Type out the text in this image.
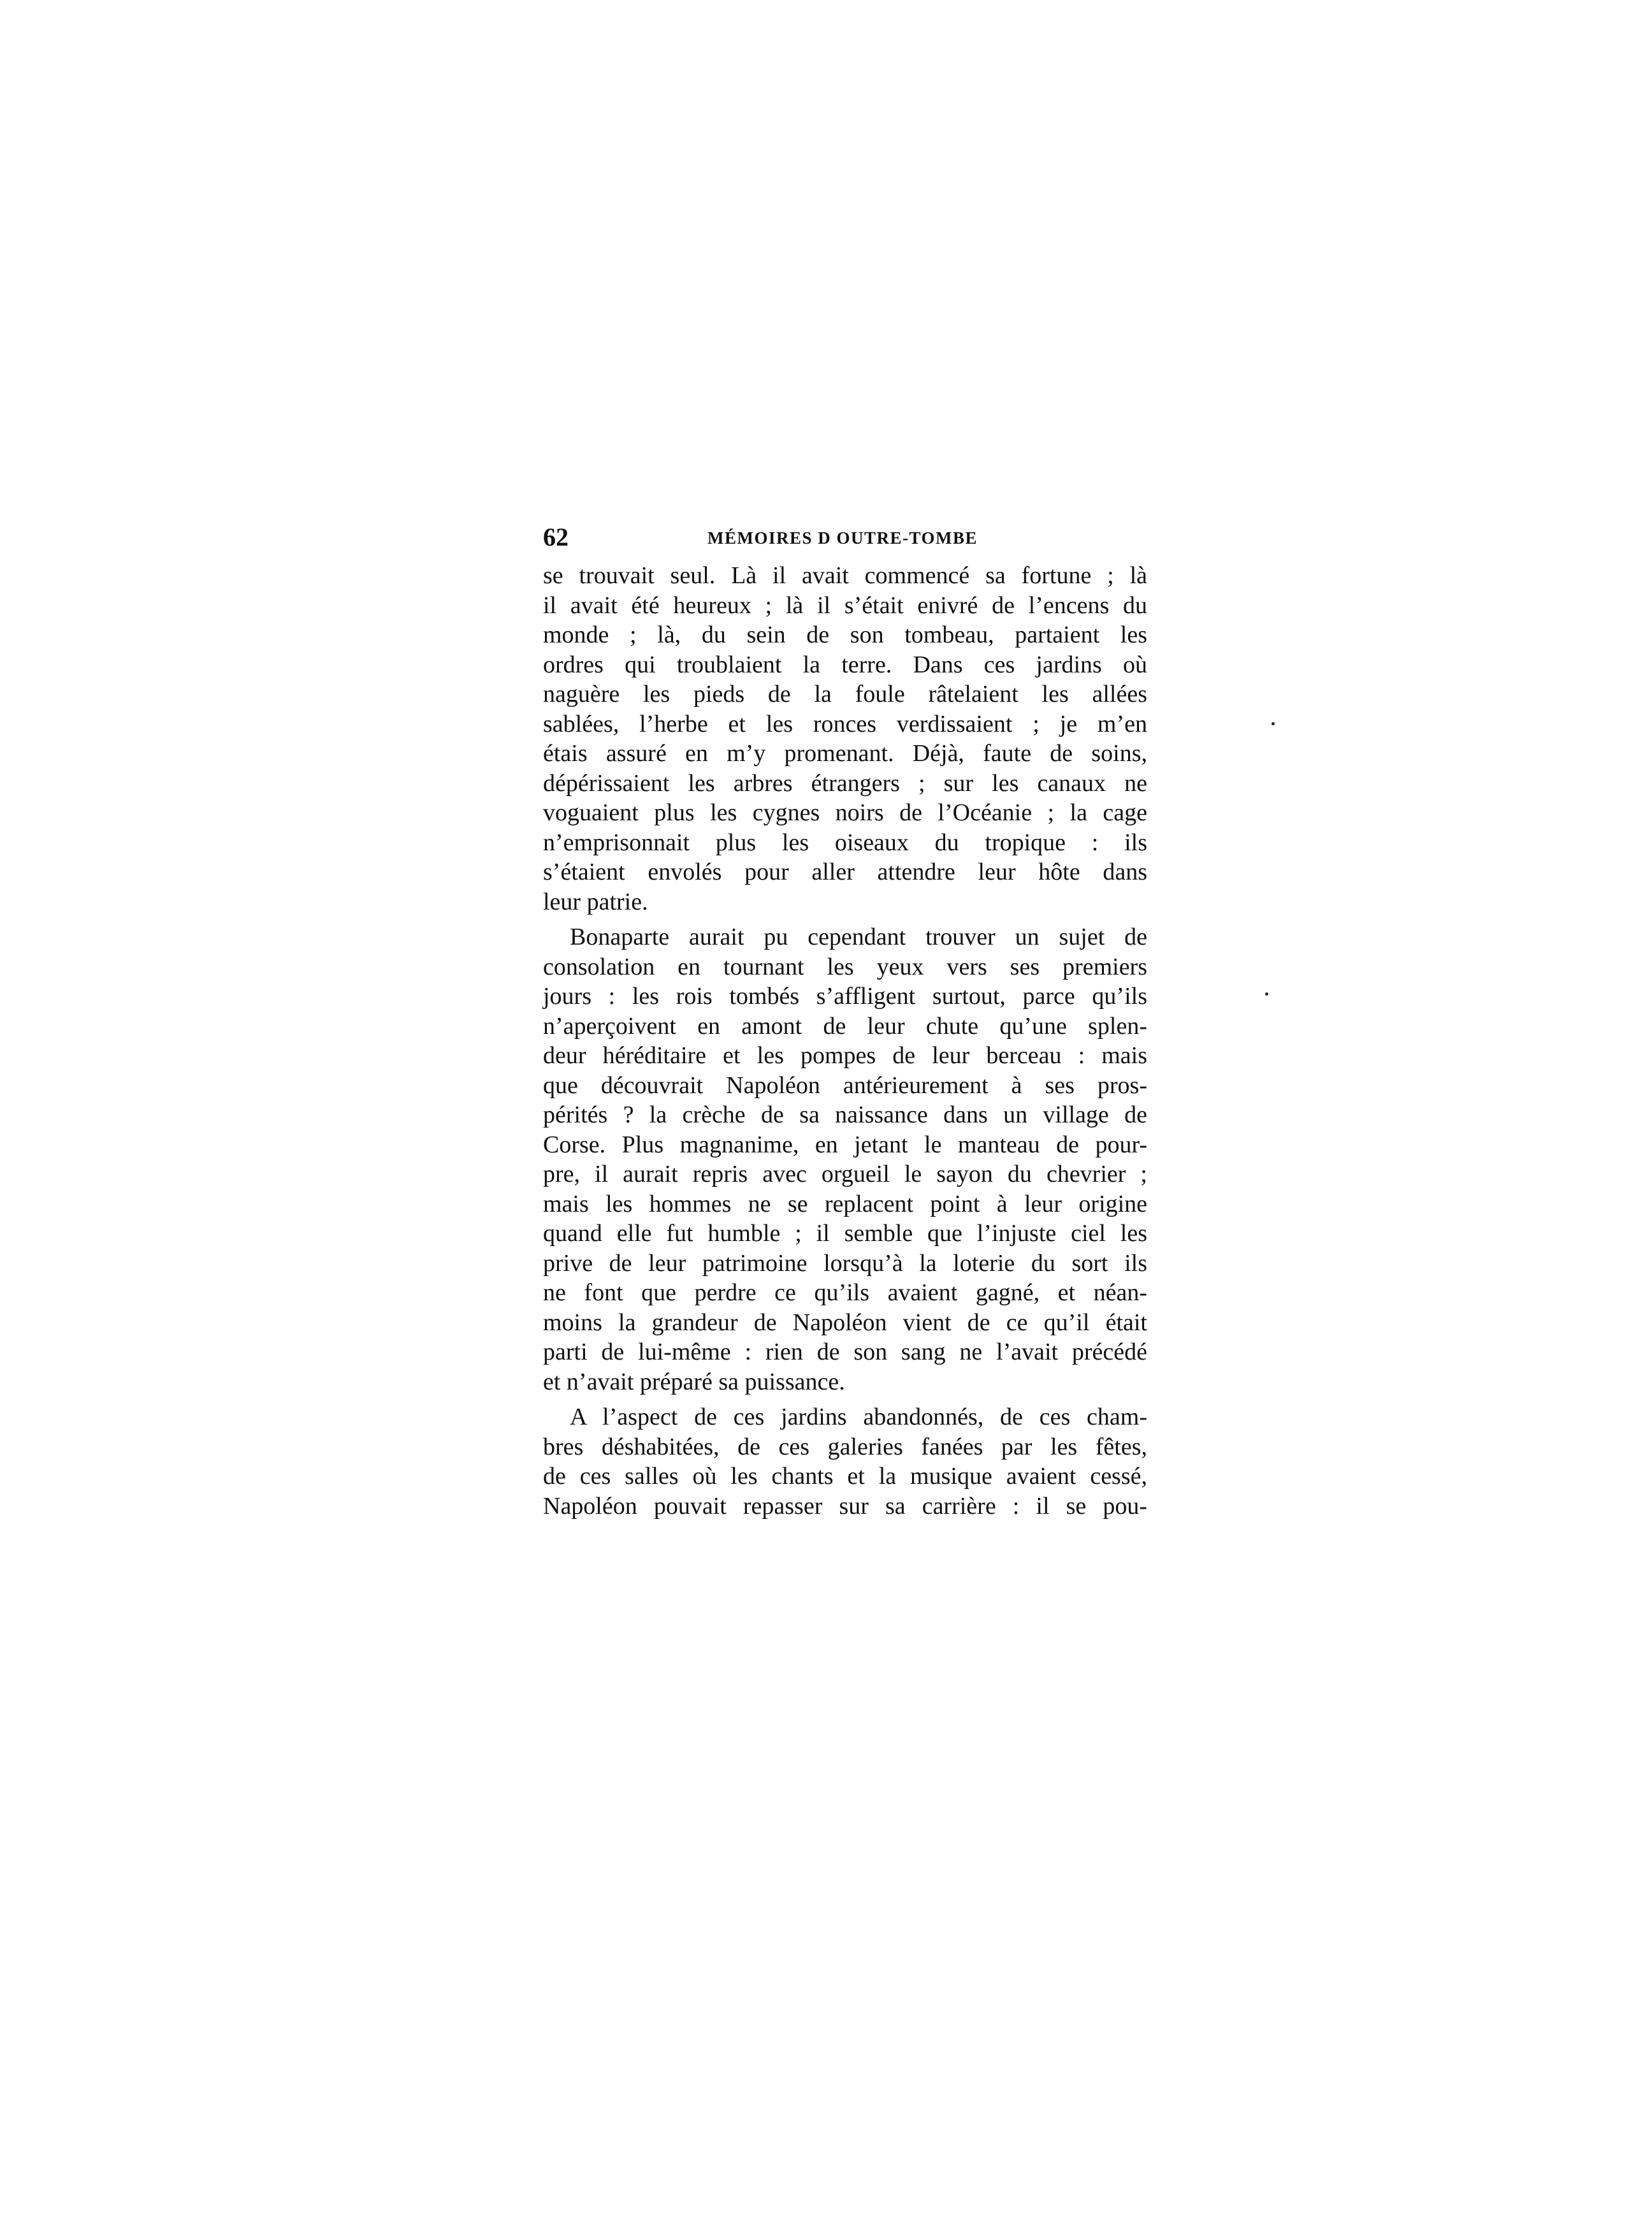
62	MÉMOIRES D OUTRE-TOMBE
se trouvait seul. Là il avait commencé sa fortune ; là
il avait été heureux ; là il s’était enivré de l’encens du
monde ; là, du sein de son tombeau, partaient les
ordres qui troublaient la terre. Dans ces jardins où
naguère les pieds de la foule râtelaient les allées
sablées, l’herbe et les ronces verdissaient ; je m’en
étais assuré en m’y promenant. Déjà, faute de soins,
dépérissaient les arbres étrangers ; sur les canaux ne
voguaient plus les cygnes noirs de l’Océanie ; la cage
n’emprisonnait plus les oiseaux du tropique : ils
s’étaient envolés pour aller attendre leur hôte dans
leur patrie.
Bonaparte aurait pu cependant trouver un sujet de
consolation en tournant les yeux vers ses premiers
jours : les rois tombés s’affligent surtout, parce qu’ils
n’aperçoivent en amont de leur chute qu’une splen-
deur héréditaire et les pompes de leur berceau : mais
que découvrait Napoléon antérieurement à ses pros-
pérités ? la crèche de sa naissance dans un village de
Corse. Plus magnanime, en jetant le manteau de pour-
pre, il aurait repris avec orgueil le sayon du chevrier ;
mais les hommes ne se replacent point à leur origine
quand elle fut humble ; il semble que l’injuste ciel les
prive de leur patrimoine lorsqu’à la loterie du sort ils
ne font que perdre ce qu’ils avaient gagné, et néan-
moins la grandeur de Napoléon vient de ce qu’il était
parti de lui-même : rien de son sang ne l’avait précédé
et n’avait préparé sa puissance.
A l’aspect de ces jardins abandonnés, de ces cham-
bres déshabitées, de ces galeries fanées par les fêtes,
de ces salles où les chants et la musique avaient cessé,
Napoléon pouvait repasser sur sa carrière : il se pou-
